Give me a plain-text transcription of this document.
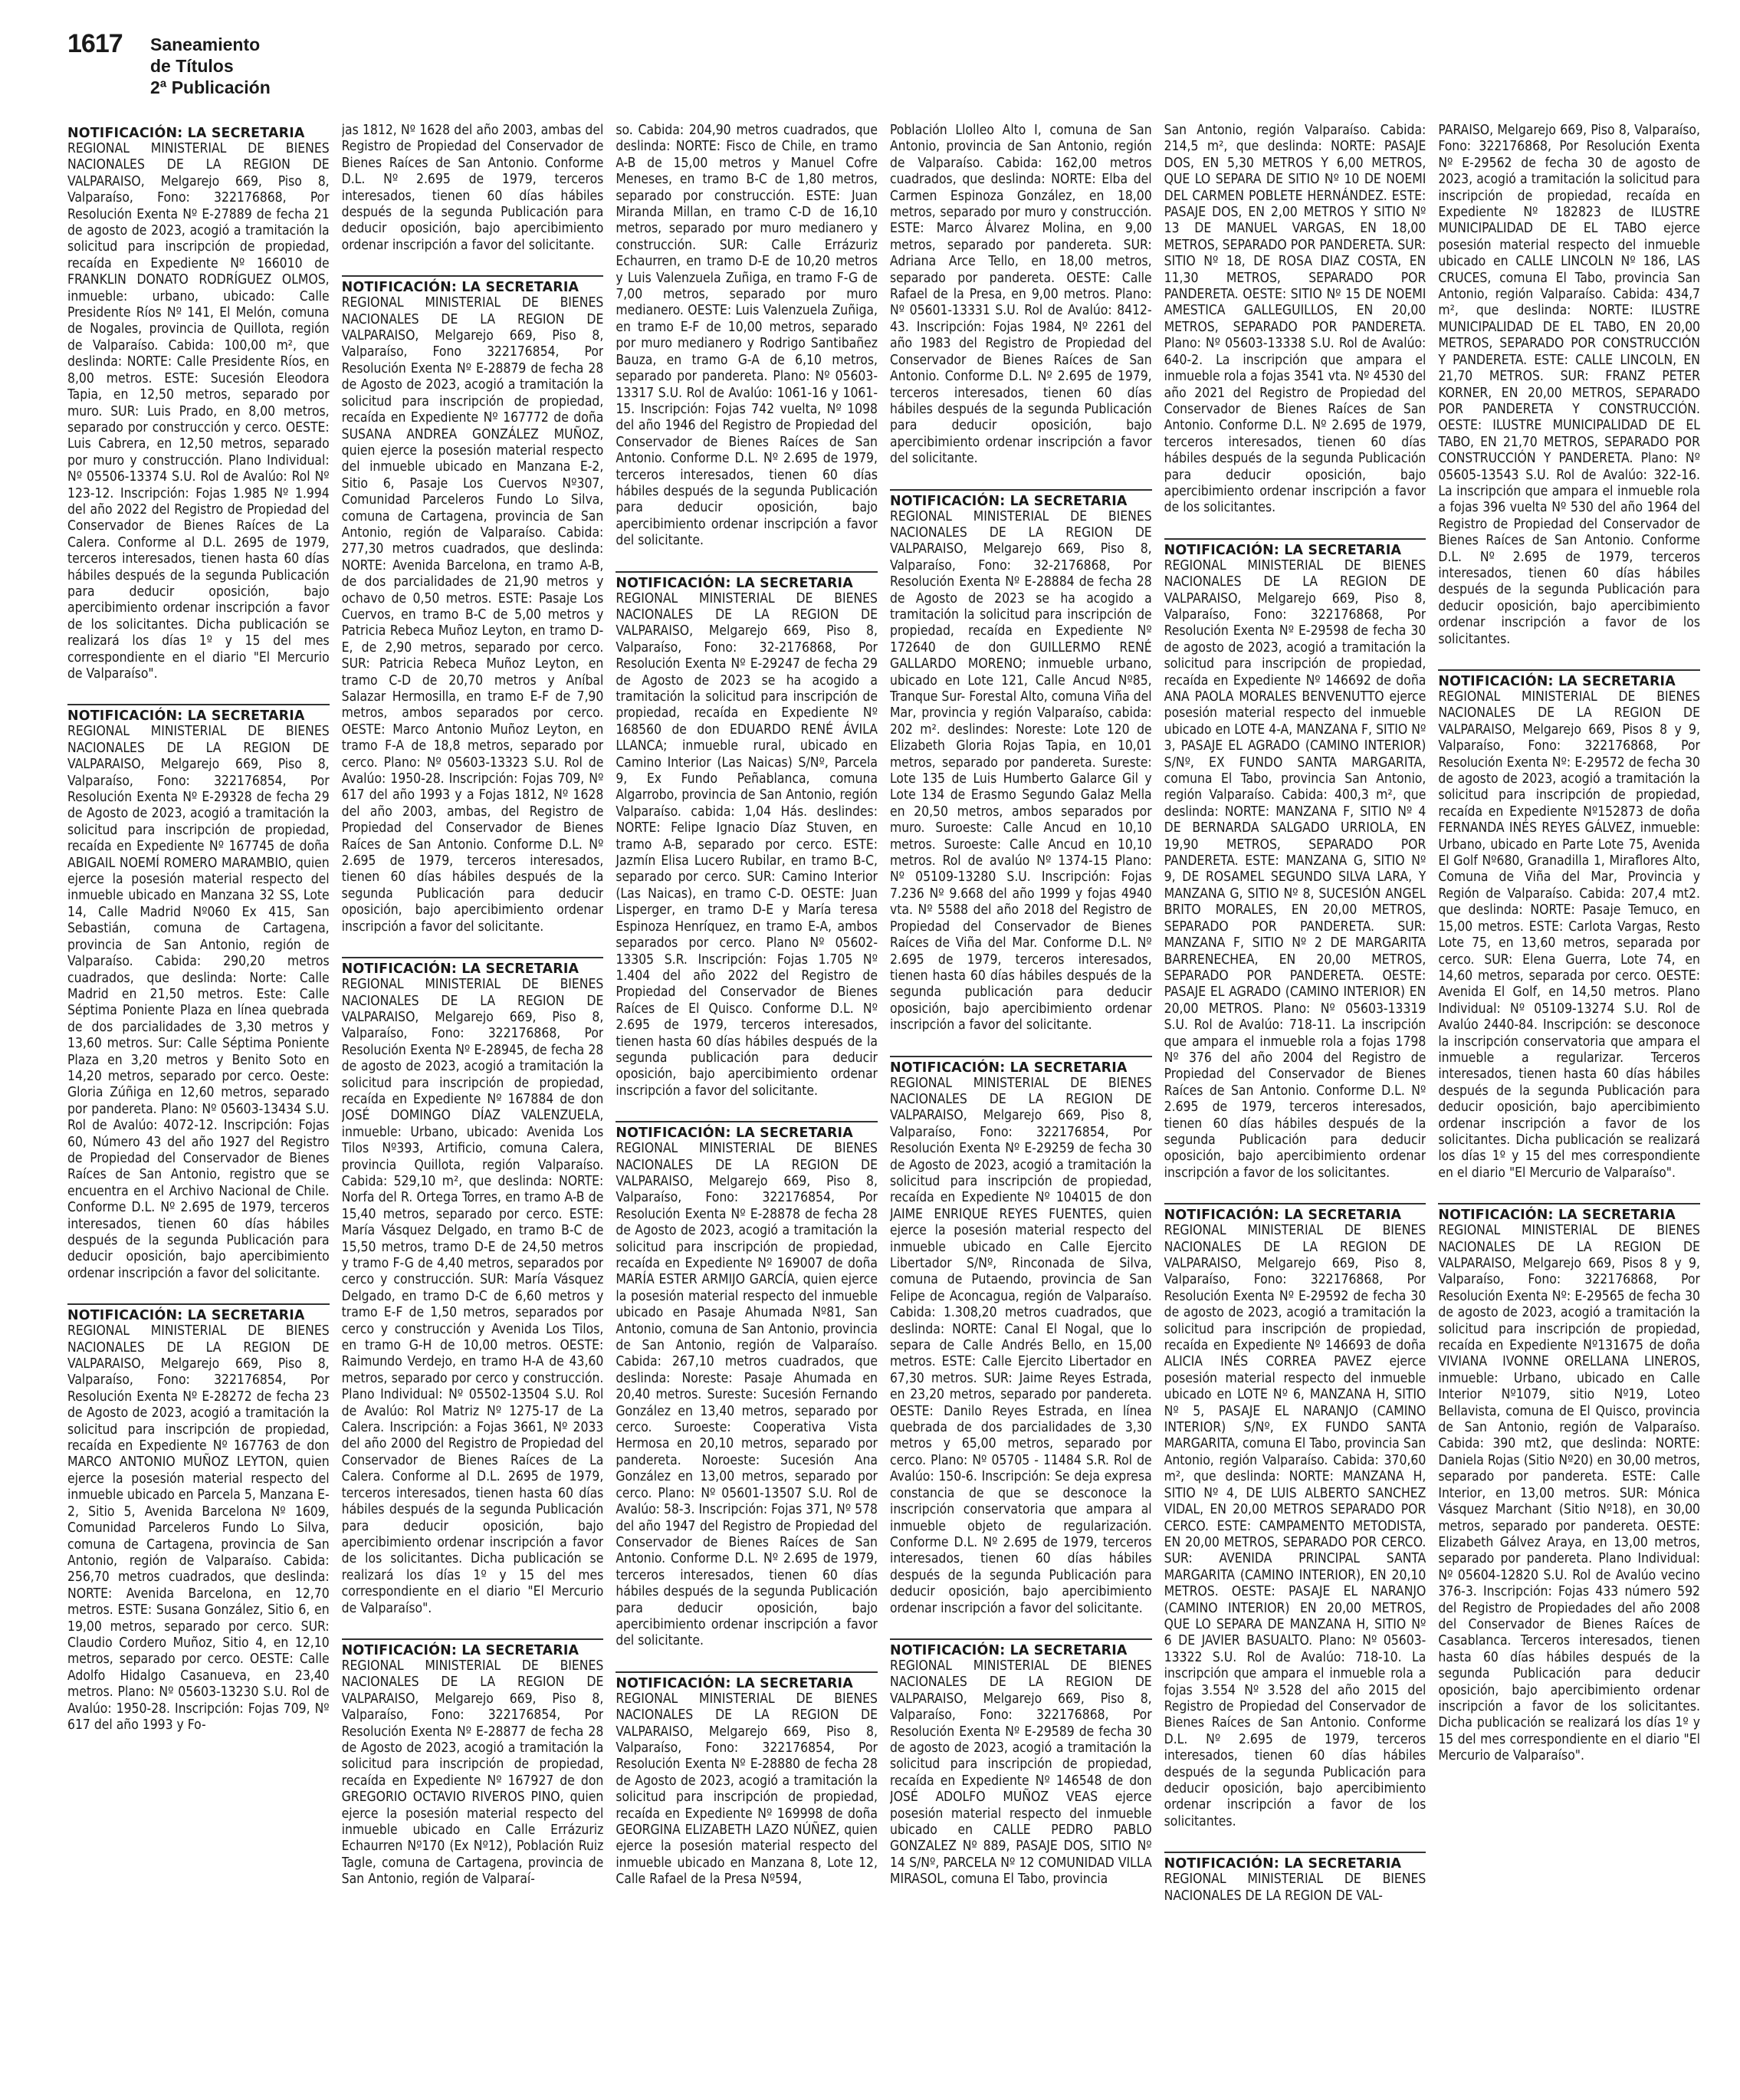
1617 Saneamiento
de Títulos
2ª Publicación

NOTIFICACIÓN: LA SECRETARIA

REGIONAL MINISTERIAL DE BIENES NACIONALES DE LA REGION DE VALPARAISO, Melgarejo 669, Piso 8, Valparaíso, Fono: 322176868, Por Resolución Exenta Nº E-27889 de fecha 21 de agosto de 2023, acogió a tramitación la solicitud para inscripción de propiedad, recaída en Expediente Nº 166010 de FRANKLIN DONATO RODRÍGUEZ OLMOS, inmueble: urbano, ubicado: Calle Presidente Ríos Nº 141, El Melón, comuna de Nogales, provincia de Quillota, región de Valparaíso. Cabida: 100,00 m², que deslinda: NORTE: Calle Presidente Ríos, en 8,00 metros. ESTE: Sucesión Eleodora Tapia, en 12,50 metros, separado por muro. SUR: Luis Prado, en 8,00 metros, separado por construcción y cerco. OESTE: Luis Cabrera, en 12,50 metros, separado por muro y construcción. Plano Individual: Nº 05506-13374 S.U. Rol de Avalúo: Rol Nº 123-12. Inscripción: Fojas 1.985 Nº 1.994 del año 2022 del Registro de Propiedad del Conservador de Bienes Raíces de La Calera. Conforme al D.L. 2695 de 1979, terceros interesados, tienen hasta 60 días hábiles después de la segunda Publicación para deducir oposición, bajo apercibimiento ordenar inscripción a favor de los solicitantes. Dicha publicación se realizará los días 1º y 15 del mes correspondiente en el diario "El Mercurio de Valparaíso".

NOTIFICACIÓN: LA SECRETARIA

REGIONAL MINISTERIAL DE BIENES NACIONALES DE LA REGION DE VALPARAISO, Melgarejo 669, Piso 8, Valparaíso, Fono: 322176854, Por Resolución Exenta Nº E-29328 de fecha 29 de Agosto de 2023, acogió a tramitación la solicitud para inscripción de propiedad, recaída en Expediente Nº 167745 de doña ABIGAIL NOEMÍ ROMERO MARAMBIO, quien ejerce la posesión material respecto del inmueble ubicado en Manzana 32 SS, Lote 14, Calle Madrid Nº060 Ex 415, San Sebastián, comuna de Cartagena, provincia de San Antonio, región de Valparaíso. Cabida: 290,20 metros cuadrados, que deslinda: Norte: Calle Madrid en 21,50 metros. Este: Calle Séptima Poniente Plaza en línea quebrada de dos parcialidades de 3,30 metros y 13,60 metros. Sur: Calle Séptima Poniente Plaza en 3,20 metros y Benito Soto en 14,20 metros, separado por cerco. Oeste: Gloria Zúñiga en 12,60 metros, separado por pandereta. Plano: Nº 05603-13434 S.U. Rol de Avalúo: 4072-12. Inscripción: Fojas 60, Número 43 del año 1927 del Registro de Propiedad del Conservador de Bienes Raíces de San Antonio, registro que se encuentra en el Archivo Nacional de Chile. Conforme D.L. Nº 2.695 de 1979, terceros interesados, tienen 60 días hábiles después de la segunda Publicación para deducir oposición, bajo apercibimiento ordenar inscripción a favor del solicitante.

NOTIFICACIÓN: LA SECRETARIA

REGIONAL MINISTERIAL DE BIENES NACIONALES DE LA REGION DE VALPARAISO, Melgarejo 669, Piso 8, Valparaíso, Fono: 322176854, Por Resolución Exenta Nº E-28272 de fecha 23 de Agosto de 2023, acogió a tramitación la solicitud para inscripción de propiedad, recaída en Expediente Nº 167763 de don MARCO ANTONIO MUÑOZ LEYTON, quien ejerce la posesión material respecto del inmueble ubicado en Parcela 5, Manzana E-2, Sitio 5, Avenida Barcelona Nº 1609, Comunidad Parceleros Fundo Lo Silva, comuna de Cartagena, provincia de San Antonio, región de Valparaíso. Cabida: 256,70 metros cuadrados, que deslinda: NORTE: Avenida Barcelona, en 12,70 metros. ESTE: Susana González, Sitio 6, en 19,00 metros, separado por cerco. SUR: Claudio Cordero Muñoz, Sitio 4, en 12,10 metros, separado por cerco. OESTE: Calle Adolfo Hidalgo Casanueva, en 23,40 metros. Plano: Nº 05603-13230 S.U. Rol de Avalúo: 1950-28. Inscripción: Fojas 709, Nº 617 del año 1993 y Fo-

jas 1812, Nº 1628 del año 2003, ambas del Registro de Propiedad del Conservador de Bienes Raíces de San Antonio. Conforme D.L. Nº 2.695 de 1979, terceros interesados, tienen 60 días hábiles después de la segunda Publicación para deducir oposición, bajo apercibimiento ordenar inscripción a favor del solicitante.

NOTIFICACIÓN: LA SECRETARIA

REGIONAL MINISTERIAL DE BIENES NACIONALES DE LA REGION DE VALPARAISO, Melgarejo 669, Piso 8, Valparaíso, Fono 322176854, Por Resolución Exenta Nº E-28879 de fecha 28 de Agosto de 2023, acogió a tramitación la solicitud para inscripción de propiedad, recaída en Expediente Nº 167772 de doña SUSANA ANDREA GONZÁLEZ MUÑOZ, quien ejerce la posesión material respecto del inmueble ubicado en Manzana E-2, Sitio 6, Pasaje Los Cuervos Nº307, Comunidad Parceleros Fundo Lo Silva, comuna de Cartagena, provincia de San Antonio, región de Valparaíso. Cabida: 277,30 metros cuadrados, que deslinda: NORTE: Avenida Barcelona, en tramo A-B, de dos parcialidades de 21,90 metros y ochavo de 0,50 metros. ESTE: Pasaje Los Cuervos, en tramo B-C de 5,00 metros y Patricia Rebeca Muñoz Leyton, en tramo D-E, de 2,90 metros, separado por cerco. SUR: Patricia Rebeca Muñoz Leyton, en tramo C-D de 20,70 metros y Aníbal Salazar Hermosilla, en tramo E-F de 7,90 metros, ambos separados por cerco. OESTE: Marco Antonio Muñoz Leyton, en tramo F-A de 18,8 metros, separado por cerco. Plano: Nº 05603-13323 S.U. Rol de Avalúo: 1950-28. Inscripción: Fojas 709, Nº 617 del año 1993 y a Fojas 1812, Nº 1628 del año 2003, ambas, del Registro de Propiedad del Conservador de Bienes Raíces de San Antonio. Conforme D.L. Nº 2.695 de 1979, terceros interesados, tienen 60 días hábiles después de la segunda Publicación para deducir oposición, bajo apercibimiento ordenar inscripción a favor del solicitante.

NOTIFICACIÓN: LA SECRETARIA

REGIONAL MINISTERIAL DE BIENES NACIONALES DE LA REGION DE VALPARAISO, Melgarejo 669, Piso 8, Valparaíso, Fono: 322176868, Por Resolución Exenta Nº E-28945, de fecha 28 de agosto de 2023, acogió a tramitación la solicitud para inscripción de propiedad, recaída en Expediente Nº 167884 de don JOSÉ DOMINGO DÍAZ VALENZUELA, inmueble: Urbano, ubicado: Avenida Los Tilos Nº393, Artificio, comuna Calera, provincia Quillota, región Valparaíso. Cabida: 529,10 m², que deslinda: NORTE: Norfa del R. Ortega Torres, en tramo A-B de 15,40 metros, separado por cerco. ESTE: María Vásquez Delgado, en tramo B-C de 15,50 metros, tramo D-E de 24,50 metros y tramo F-G de 4,40 metros, separados por cerco y construcción. SUR: María Vásquez Delgado, en tramo D-C de 6,60 metros y tramo E-F de 1,50 metros, separados por cerco y construcción y Avenida Los Tilos, en tramo G-H de 10,00 metros. OESTE: Raimundo Verdejo, en tramo H-A de 43,60 metros, separado por cerco y construcción. Plano Individual: Nº 05502-13504 S.U. Rol de Avalúo: Rol Matriz Nº 1275-17 de La Calera. Inscripción: a Fojas 3661, Nº 2033 del año 2000 del Registro de Propiedad del Conservador de Bienes Raíces de La Calera. Conforme al D.L. 2695 de 1979, terceros interesados, tienen hasta 60 días hábiles después de la segunda Publicación para deducir oposición, bajo apercibimiento ordenar inscripción a favor de los solicitantes. Dicha publicación se realizará los días 1º y 15 del mes correspondiente en el diario "El Mercurio de Valparaíso".

NOTIFICACIÓN: LA SECRETARIA

REGIONAL MINISTERIAL DE BIENES NACIONALES DE LA REGION DE VALPARAISO, Melgarejo 669, Piso 8, Valparaíso, Fono: 322176854, Por Resolución Exenta Nº E-28877 de fecha 28 de Agosto de 2023, acogió a tramitación la solicitud para inscripción de propiedad, recaída en Expediente Nº 167927 de don GREGORIO OCTAVIO RIVEROS PINO, quien ejerce la posesión material respecto del inmueble ubicado en Calle Errázuriz Echaurren Nº170 (Ex Nº12), Población Ruiz Tagle, comuna de Cartagena, provincia de San Antonio, región de Valparaí-

so. Cabida: 204,90 metros cuadrados, que deslinda: NORTE: Fisco de Chile, en tramo A-B de 15,00 metros y Manuel Cofre Meneses, en tramo B-C de 1,80 metros, separado por construcción. ESTE: Juan Miranda Millan, en tramo C-D de 16,10 metros, separado por muro medianero y construcción. SUR: Calle Errázuriz Echaurren, en tramo D-E de 10,20 metros y Luis Valenzuela Zuñiga, en tramo F-G de 7,00 metros, separado por muro medianero. OESTE: Luis Valenzuela Zuñiga, en tramo E-F de 10,00 metros, separado por muro medianero y Rodrigo Santibañez Bauza, en tramo G-A de 6,10 metros, separado por pandereta. Plano: Nº 05603-13317 S.U. Rol de Avalúo: 1061-16 y 1061-15. Inscripción: Fojas 742 vuelta, Nº 1098 del año 1946 del Registro de Propiedad del Conservador de Bienes Raíces de San Antonio. Conforme D.L. Nº 2.695 de 1979, terceros interesados, tienen 60 días hábiles después de la segunda Publicación para deducir oposición, bajo apercibimiento ordenar inscripción a favor del solicitante.

NOTIFICACIÓN: LA SECRETARIA

REGIONAL MINISTERIAL DE BIENES NACIONALES DE LA REGION DE VALPARAISO, Melgarejo 669, Piso 8, Valparaíso, Fono: 32-2176868, Por Resolución Exenta Nº E-29247 de fecha 29 de Agosto de 2023 se ha acogido a tramitación la solicitud para inscripción de propiedad, recaída en Expediente Nº 168560 de don EDUARDO RENÉ ÁVILA LLANCA; inmueble rural, ubicado en Camino Interior (Las Naicas) S/Nº, Parcela 9, Ex Fundo Peñablanca, comuna Algarrobo, provincia de San Antonio, región Valparaíso. cabida: 1,04 Hás. deslindes: NORTE: Felipe Ignacio Díaz Stuven, en tramo A-B, separado por cerco. ESTE: Jazmín Elisa Lucero Rubilar, en tramo B-C, separado por cerco. SUR: Camino Interior (Las Naicas), en tramo C-D. OESTE: Juan Lisperger, en tramo D-E y María teresa Espinoza Henríquez, en tramo E-A, ambos separados por cerco. Plano Nº 05602-13305 S.R. Inscripción: Fojas 1.705 Nº 1.404 del año 2022 del Registro de Propiedad del Conservador de Bienes Raíces de El Quisco. Conforme D.L. Nº 2.695 de 1979, terceros interesados, tienen hasta 60 días hábiles después de la segunda publicación para deducir oposición, bajo apercibimiento ordenar inscripción a favor del solicitante.

NOTIFICACIÓN: LA SECRETARIA

REGIONAL MINISTERIAL DE BIENES NACIONALES DE LA REGION DE VALPARAISO, Melgarejo 669, Piso 8, Valparaíso, Fono: 322176854, Por Resolución Exenta Nº E-28878 de fecha 28 de Agosto de 2023, acogió a tramitación la solicitud para inscripción de propiedad, recaída en Expediente Nº 169007 de doña MARÍA ESTER ARMIJO GARCÍA, quien ejerce la posesión material respecto del inmueble ubicado en Pasaje Ahumada Nº81, San Antonio, comuna de San Antonio, provincia de San Antonio, región de Valparaíso. Cabida: 267,10 metros cuadrados, que deslinda: Noreste: Pasaje Ahumada en 20,40 metros. Sureste: Sucesión Fernando González en 13,40 metros, separado por cerco. Suroeste: Cooperativa Vista Hermosa en 20,10 metros, separado por pandereta. Noroeste: Sucesión Ana González en 13,00 metros, separado por cerco. Plano: Nº 05601-13507 S.U. Rol de Avalúo: 58-3. Inscripción: Fojas 371, Nº 578 del año 1947 del Registro de Propiedad del Conservador de Bienes Raíces de San Antonio. Conforme D.L. Nº 2.695 de 1979, terceros interesados, tienen 60 días hábiles después de la segunda Publicación para deducir oposición, bajo apercibimiento ordenar inscripción a favor del solicitante.

NOTIFICACIÓN: LA SECRETARIA

REGIONAL MINISTERIAL DE BIENES NACIONALES DE LA REGION DE VALPARAISO, Melgarejo 669, Piso 8, Valparaíso, Fono: 322176854, Por Resolución Exenta Nº E-28880 de fecha 28 de Agosto de 2023, acogió a tramitación la solicitud para inscripción de propiedad, recaída en Expediente Nº 169998 de doña GEORGINA ELIZABETH LAZO NÚÑEZ, quien ejerce la posesión material respecto del inmueble ubicado en Manzana 8, Lote 12, Calle Rafael de la Presa Nº594,

Población Llolleo Alto I, comuna de San Antonio, provincia de San Antonio, región de Valparaíso. Cabida: 162,00 metros cuadrados, que deslinda: NORTE: Elba del Carmen Espinoza González, en 18,00 metros, separado por muro y construcción. ESTE: Marco Álvarez Molina, en 9,00 metros, separado por pandereta. SUR: Adriana Arce Tello, en 18,00 metros, separado por pandereta. OESTE: Calle Rafael de la Presa, en 9,00 metros. Plano: Nº 05601-13331 S.U. Rol de Avalúo: 8412-43. Inscripción: Fojas 1984, Nº 2261 del año 1983 del Registro de Propiedad del Conservador de Bienes Raíces de San Antonio. Conforme D.L. Nº 2.695 de 1979, terceros interesados, tienen 60 días hábiles después de la segunda Publicación para deducir oposición, bajo apercibimiento ordenar inscripción a favor del solicitante.

NOTIFICACIÓN: LA SECRETARIA

REGIONAL MINISTERIAL DE BIENES NACIONALES DE LA REGION DE VALPARAISO, Melgarejo 669, Piso 8, Valparaíso, Fono: 32-2176868, Por Resolución Exenta Nº E-28884 de fecha 28 de Agosto de 2023 se ha acogido a tramitación la solicitud para inscripción de propiedad, recaída en Expediente Nº 172640 de don GUILLERMO RENÉ GALLARDO MORENO; inmueble urbano, ubicado en Lote 121, Calle Ancud Nº85, Tranque Sur- Forestal Alto, comuna Viña del Mar, provincia y región Valparaíso, cabida: 202 m². deslindes: Noreste: Lote 120 de Elizabeth Gloria Rojas Tapia, en 10,01 metros, separado por pandereta. Sureste: Lote 135 de Luis Humberto Galarce Gil y Lote 134 de Erasmo Segundo Galaz Mella en 20,50 metros, ambos separados por muro. Suroeste: Calle Ancud en 10,10 metros. Suroeste: Calle Ancud en 10,10 metros. Rol de avalúo Nº 1374-15 Plano: Nº 05109-13280 S.U. Inscripción: Fojas 7.236 Nº 9.668 del año 1999 y fojas 4940 vta. Nº 5588 del año 2018 del Registro de Propiedad del Conservador de Bienes Raíces de Viña del Mar. Conforme D.L. Nº 2.695 de 1979, terceros interesados, tienen hasta 60 días hábiles después de la segunda publicación para deducir oposición, bajo apercibimiento ordenar inscripción a favor del solicitante.

NOTIFICACIÓN: LA SECRETARIA

REGIONAL MINISTERIAL DE BIENES NACIONALES DE LA REGION DE VALPARAISO, Melgarejo 669, Piso 8, Valparaíso, Fono: 322176854, Por Resolución Exenta Nº E-29259 de fecha 30 de Agosto de 2023, acogió a tramitación la solicitud para inscripción de propiedad, recaída en Expediente Nº 104015 de don JAIME ENRIQUE REYES FUENTES, quien ejerce la posesión material respecto del inmueble ubicado en Calle Ejercito Libertador S/Nº, Rinconada de Silva, comuna de Putaendo, provincia de San Felipe de Aconcagua, región de Valparaíso. Cabida: 1.308,20 metros cuadrados, que deslinda: NORTE: Canal El Nogal, que lo separa de Calle Andrés Bello, en 15,00 metros. ESTE: Calle Ejercito Libertador en 67,30 metros. SUR: Jaime Reyes Estrada, en 23,20 metros, separado por pandereta. OESTE: Danilo Reyes Estrada, en línea quebrada de dos parcialidades de 3,30 metros y 65,00 metros, separado por cerco. Plano: Nº 05705 - 11484 S.R. Rol de Avalúo: 150-6. Inscripción: Se deja expresa constancia de que se desconoce la inscripción conservatoria que ampara al inmueble objeto de regularización. Conforme D.L. Nº 2.695 de 1979, terceros interesados, tienen 60 días hábiles después de la segunda Publicación para deducir oposición, bajo apercibimiento ordenar inscripción a favor del solicitante.

NOTIFICACIÓN: LA SECRETARIA

REGIONAL MINISTERIAL DE BIENES NACIONALES DE LA REGION DE VALPARAISO, Melgarejo 669, Piso 8, Valparaíso, Fono: 322176868, Por Resolución Exenta Nº E-29589 de fecha 30 de agosto de 2023, acogió a tramitación la solicitud para inscripción de propiedad, recaída en Expediente Nº 146548 de don JOSÉ ADOLFO MUÑOZ VEAS ejerce posesión material respecto del inmueble ubicado en CALLE PEDRO PABLO GONZALEZ Nº 889, PASAJE DOS, SITIO Nº 14 S/Nº, PARCELA Nº 12 COMUNIDAD VILLA MIRASOL, comuna El Tabo, provincia

San Antonio, región Valparaíso. Cabida: 214,5 m², que deslinda: NORTE: PASAJE DOS, EN 5,30 METROS Y 6,00 METROS, QUE LO SEPARA DE SITIO Nº 10 DE NOEMI DEL CARMEN POBLETE HERNÁNDEZ. ESTE: PASAJE DOS, EN 2,00 METROS Y SITIO Nº 13 DE MANUEL VARGAS, EN 18,00 METROS, SEPARADO POR PANDERETA. SUR: SITIO Nº 18, DE ROSA DIAZ COSTA, EN 11,30 METROS, SEPARADO POR PANDERETA. OESTE: SITIO Nº 15 DE NOEMI AMESTICA GALLEGUILLOS, EN 20,00 METROS, SEPARADO POR PANDERETA. Plano: Nº 05603-13338 S.U. Rol de Avalúo: 640-2. La inscripción que ampara el inmueble rola a fojas 3541 vta. Nº 4530 del año 2021 del Registro de Propiedad del Conservador de Bienes Raíces de San Antonio. Conforme D.L. Nº 2.695 de 1979, terceros interesados, tienen 60 días hábiles después de la segunda Publicación para deducir oposición, bajo apercibimiento ordenar inscripción a favor de los solicitantes.

NOTIFICACIÓN: LA SECRETARIA

REGIONAL MINISTERIAL DE BIENES NACIONALES DE LA REGION DE VALPARAISO, Melgarejo 669, Piso 8, Valparaíso, Fono: 322176868, Por Resolución Exenta Nº E-29598 de fecha 30 de agosto de 2023, acogió a tramitación la solicitud para inscripción de propiedad, recaída en Expediente Nº 146692 de doña ANA PAOLA MORALES BENVENUTTO ejerce posesión material respecto del inmueble ubicado en LOTE 4-A, MANZANA F, SITIO Nº 3, PASAJE EL AGRADO (CAMINO INTERIOR) S/Nº, EX FUNDO SANTA MARGARITA, comuna El Tabo, provincia San Antonio, región Valparaíso. Cabida: 400,3 m², que deslinda: NORTE: MANZANA F, SITIO Nº 4 DE BERNARDA SALGADO URRIOLA, EN 19,90 METROS, SEPARADO POR PANDERETA. ESTE: MANZANA G, SITIO Nº 9, DE ROSAMEL SEGUNDO SILVA LARA, Y MANZANA G, SITIO Nº 8, SUCESIÓN ANGEL BRITO MORALES, EN 20,00 METROS, SEPARADO POR PANDERETA. SUR: MANZANA F, SITIO Nº 2 DE MARGARITA BARRENECHEA, EN 20,00 METROS, SEPARADO POR PANDERETA. OESTE: PASAJE EL AGRADO (CAMINO INTERIOR) EN 20,00 METROS. Plano: Nº 05603-13319 S.U. Rol de Avalúo: 718-11. La inscripción que ampara el inmueble rola a fojas 1798 Nº 376 del año 2004 del Registro de Propiedad del Conservador de Bienes Raíces de San Antonio. Conforme D.L. Nº 2.695 de 1979, terceros interesados, tienen 60 días hábiles después de la segunda Publicación para deducir oposición, bajo apercibimiento ordenar inscripción a favor de los solicitantes.

NOTIFICACIÓN: LA SECRETARIA

REGIONAL MINISTERIAL DE BIENES NACIONALES DE LA REGION DE VALPARAISO, Melgarejo 669, Piso 8, Valparaíso, Fono: 322176868, Por Resolución Exenta Nº E-29592 de fecha 30 de agosto de 2023, acogió a tramitación la solicitud para inscripción de propiedad, recaída en Expediente Nº 146693 de doña ALICIA INÉS CORREA PAVEZ ejerce posesión material respecto del inmueble ubicado en LOTE Nº 6, MANZANA H, SITIO Nº 5, PASAJE EL NARANJO (CAMINO INTERIOR) S/Nº, EX FUNDO SANTA MARGARITA, comuna El Tabo, provincia San Antonio, región Valparaíso. Cabida: 370,60 m², que deslinda: NORTE: MANZANA H, SITIO Nº 4, DE LUIS ALBERTO SANCHEZ VIDAL, EN 20,00 METROS SEPARADO POR CERCO. ESTE: CAMPAMENTO METODISTA, EN 20,00 METROS, SEPARADO POR CERCO. SUR: AVENIDA PRINCIPAL SANTA MARGARITA (CAMINO INTERIOR), EN 20,10 METROS. OESTE: PASAJE EL NARANJO (CAMINO INTERIOR) EN 20,00 METROS, QUE LO SEPARA DE MANZANA H, SITIO Nº 6 DE JAVIER BASUALTO. Plano: Nº 05603-13322 S.U. Rol de Avalúo: 718-10. La inscripción que ampara el inmueble rola a fojas 3.554 Nº 3.528 del año 2015 del Registro de Propiedad del Conservador de Bienes Raíces de San Antonio. Conforme D.L. Nº 2.695 de 1979, terceros interesados, tienen 60 días hábiles después de la segunda Publicación para deducir oposición, bajo apercibimiento ordenar inscripción a favor de los solicitantes.

NOTIFICACIÓN: LA SECRETARIA

REGIONAL MINISTERIAL DE BIENES NACIONALES DE LA REGION DE VAL-

PARAISO, Melgarejo 669, Piso 8, Valparaíso, Fono: 322176868, Por Resolución Exenta Nº E-29562 de fecha 30 de agosto de 2023, acogió a tramitación la solicitud para inscripción de propiedad, recaída en Expediente Nº 182823 de ILUSTRE MUNICIPALIDAD DE EL TABO ejerce posesión material respecto del inmueble ubicado en CALLE LINCOLN Nº 186, LAS CRUCES, comuna El Tabo, provincia San Antonio, región Valparaíso. Cabida: 434,7 m², que deslinda: NORTE: ILUSTRE MUNICIPALIDAD DE EL TABO, EN 20,00 METROS, SEPARADO POR CONSTRUCCIÓN Y PANDERETA. ESTE: CALLE LINCOLN, EN 21,70 METROS. SUR: FRANZ PETER KORNER, EN 20,00 METROS, SEPARADO POR PANDERETA Y CONSTRUCCIÓN. OESTE: ILUSTRE MUNICIPALIDAD DE EL TABO, EN 21,70 METROS, SEPARADO POR CONSTRUCCIÓN Y PANDERETA. Plano: Nº 05605-13543 S.U. Rol de Avalúo: 322-16. La inscripción que ampara el inmueble rola a fojas 396 vuelta Nº 530 del año 1964 del Registro de Propiedad del Conservador de Bienes Raíces de San Antonio. Conforme D.L. Nº 2.695 de 1979, terceros interesados, tienen 60 días hábiles después de la segunda Publicación para deducir oposición, bajo apercibimiento ordenar inscripción a favor de los solicitantes.

NOTIFICACIÓN: LA SECRETARIA

REGIONAL MINISTERIAL DE BIENES NACIONALES DE LA REGION DE VALPARAISO, Melgarejo 669, Pisos 8 y 9, Valparaíso, Fono: 322176868, Por Resolución Exenta Nº: E-29572 de fecha 30 de agosto de 2023, acogió a tramitación la solicitud para inscripción de propiedad, recaída en Expediente Nº152873 de doña FERNANDA INÉS REYES GÁLVEZ, inmueble: Urbano, ubicado en Parte Lote 75, Avenida El Golf Nº680, Granadilla 1, Miraflores Alto, Comuna de Viña del Mar, Provincia y Región de Valparaíso. Cabida: 207,4 mt2. que deslinda: NORTE: Pasaje Temuco, en 15,00 metros. ESTE: Carlota Vargas, Resto Lote 75, en 13,60 metros, separada por cerco. SUR: Elena Guerra, Lote 74, en 14,60 metros, separada por cerco. OESTE: Avenida El Golf, en 14,50 metros. Plano Individual: Nº 05109-13274 S.U. Rol de Avalúo 2440-84. Inscripción: se desconoce la inscripción conservatoria que ampara el inmueble a regularizar. Terceros interesados, tienen hasta 60 días hábiles después de la segunda Publicación para deducir oposición, bajo apercibimiento ordenar inscripción a favor de los solicitantes. Dicha publicación se realizará los días 1º y 15 del mes correspondiente en el diario "El Mercurio de Valparaíso".

NOTIFICACIÓN: LA SECRETARIA

REGIONAL MINISTERIAL DE BIENES NACIONALES DE LA REGION DE VALPARAISO, Melgarejo 669, Pisos 8 y 9, Valparaíso, Fono: 322176868, Por Resolución Exenta Nº: E-29565 de fecha 30 de agosto de 2023, acogió a tramitación la solicitud para inscripción de propiedad, recaída en Expediente Nº131675 de doña VIVIANA IVONNE ORELLANA LINEROS, inmueble: Urbano, ubicado en Calle Interior Nº1079, sitio Nº19, Loteo Bellavista, comuna de El Quisco, provincia de San Antonio, región de Valparaíso. Cabida: 390 mt2, que deslinda: NORTE: Daniela Rojas (Sitio Nº20) en 30,00 metros, separado por pandereta. ESTE: Calle Interior, en 13,00 metros. SUR: Mónica Vásquez Marchant (Sitio Nº18), en 30,00 metros, separado por pandereta. OESTE: Elizabeth Gálvez Araya, en 13,00 metros, separado por pandereta. Plano Individual: Nº 05604-12820 S.U. Rol de Avalúo vecino 376-3. Inscripción: Fojas 433 número 592 del Registro de Propiedades del año 2008 del Conservador de Bienes Raíces de Casablanca. Terceros interesados, tienen hasta 60 días hábiles después de la segunda Publicación para deducir oposición, bajo apercibimiento ordenar inscripción a favor de los solicitantes. Dicha publicación se realizará los días 1º y 15 del mes correspondiente en el diario "El Mercurio de Valparaíso".
